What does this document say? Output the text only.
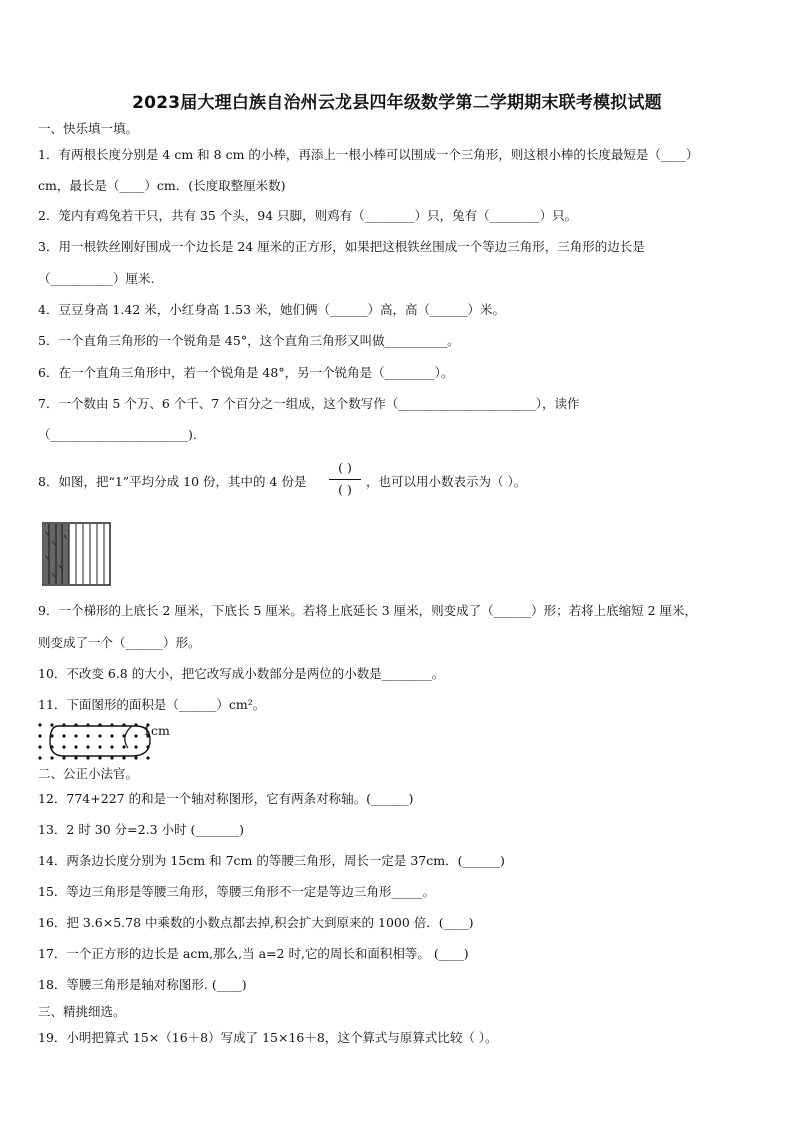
2023届大理白族自治州云龙县四年级数学第二学期期末联考模拟试题
一、快乐填一填。
1．有两根长度分别是 4 cm 和 8 cm 的小棒，再添上一根小棒可以围成一个三角形，则这根小棒的长度最短是（____）
cm，最长是（____）cm．(长度取整厘米数)
2．笼内有鸡兔若干只，共有 35 个头，94 只脚，则鸡有（________）只，兔有（________）只。
3．用一根铁丝刚好围成一个边长是 24 厘米的正方形，如果把这根铁丝围成一个等边三角形，三角形的边长是
（__________）厘米.
4．豆豆身高 1.42 米，小红身高 1.53 米，她们俩（______）高，高（______）米。
5．一个直角三角形的一个锐角是 45°，这个直角三角形又叫做__________。
6．在一个直角三角形中，若一个锐角是 48°，另一个锐角是（________）。
7．一个数由 5 个万、6 个千、7 个百分之一组成，这个数写作（______________________），读作
（______________________).
8．如图，把“1”平均分成 10 份，其中的 4 份是
( )
( )
，也可以用小数表示为（ ）。
9．一个梯形的上底长 2 厘米，下底长 5 厘米。若将上底延长 3 厘米，则变成了（______）形；若将上底缩短 2 厘米，
则变成了一个（______）形。
10．不改变 6.8 的大小，把它改写成小数部分是两位的小数是________。
11．下面图形的面积是（______）cm²。
1cm
二、公正小法官。
12．774+227 的和是一个轴对称图形，它有两条对称轴。(______)
13．2 时 30 分=2.3 小时 (_______)
14．两条边长度分别为 15cm 和 7cm 的等腰三角形，周长一定是 37cm．(______)
15．等边三角形是等腰三角形，等腰三角形不一定是等边三角形_____。
16．把 3.6×5.78 中乘数的小数点都去掉,积会扩大到原来的 1000 倍．(____)
17．一个正方形的边长是 acm,那么,当 a=2 时,它的周长和面积相等。 (____)
18．等腰三角形是轴对称图形. (____)
三、精挑细选。
19．小明把算式 15×（16＋8）写成了 15×16＋8，这个算式与原算式比较（ ）。
